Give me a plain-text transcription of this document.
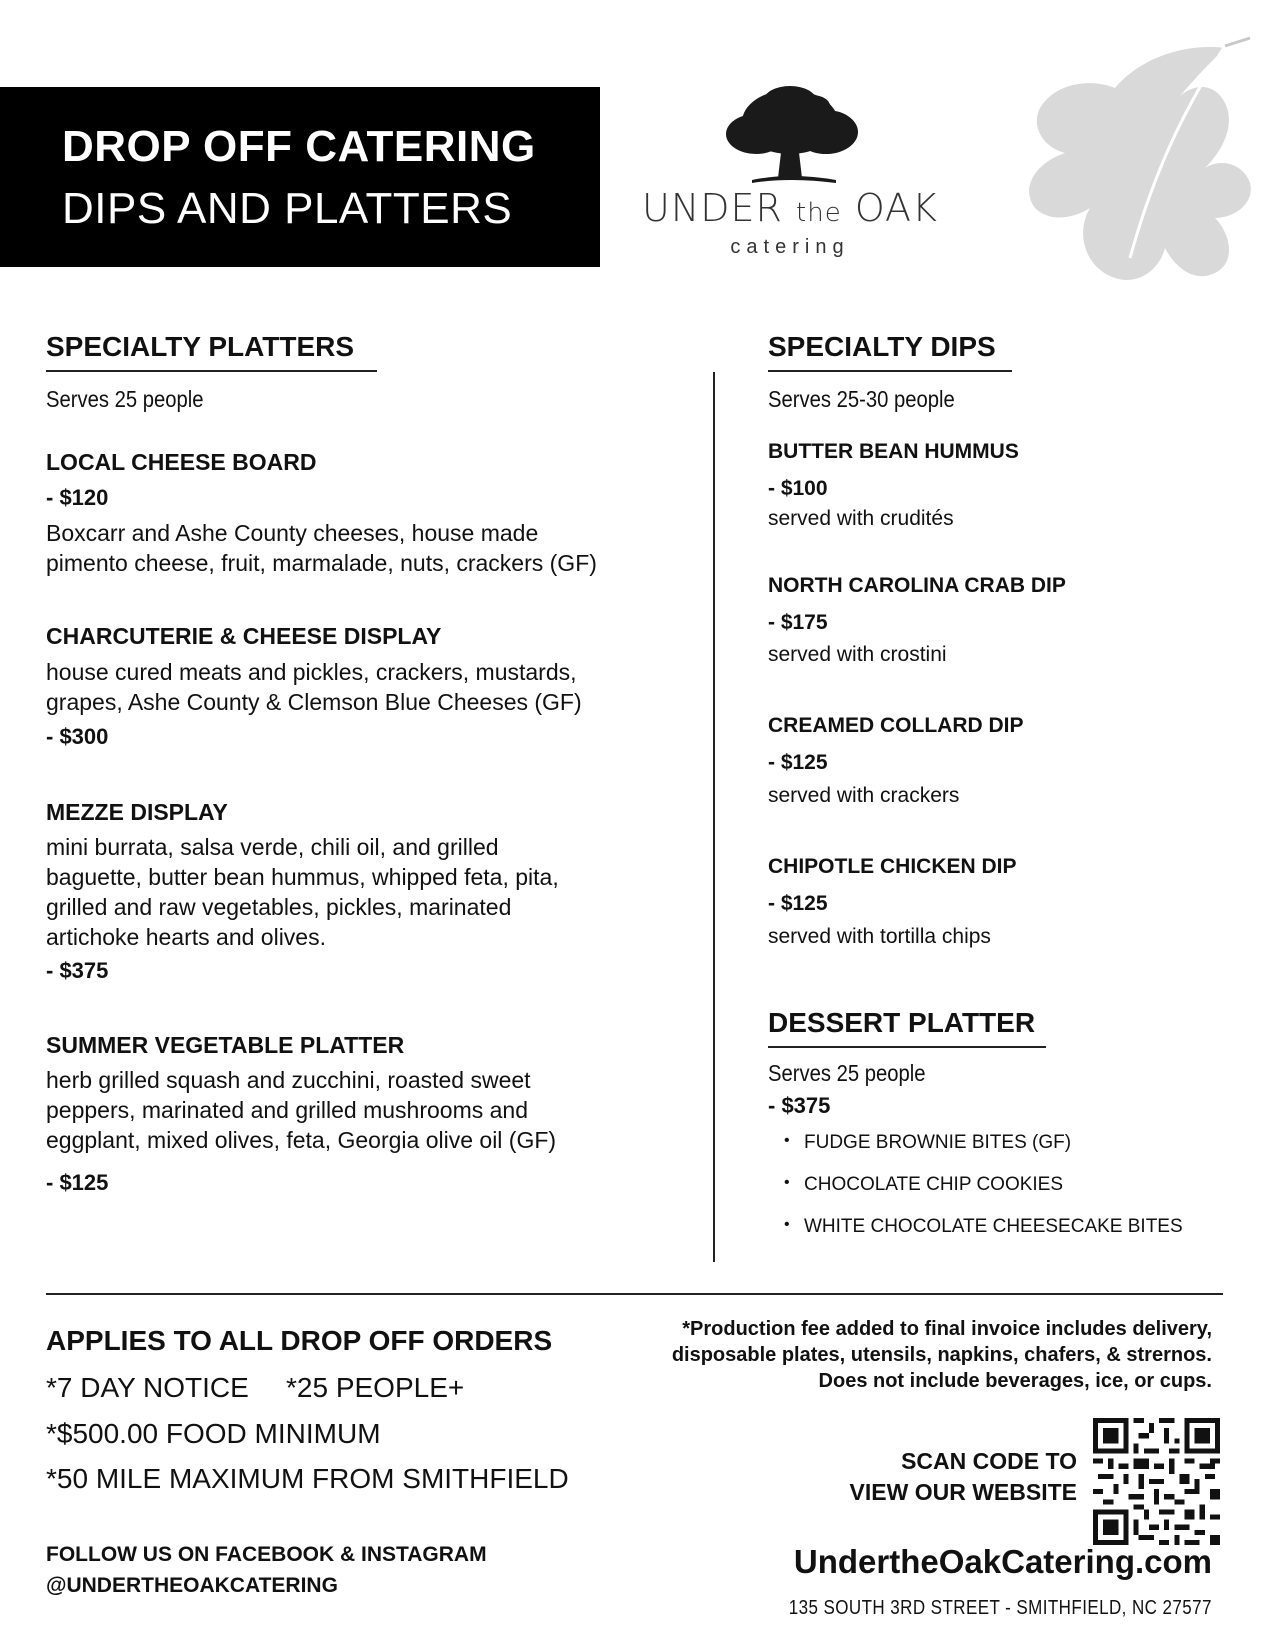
DROP OFF CATERING
DIPS AND PLATTERS	UNDER the OAK
catering
SPECIALTY PLATTERS
Serves 25 people
LOCAL CHEESE BOARD
- $120
Boxcarr and Ashe County cheeses, house made
pimento cheese, fruit, marmalade, nuts, crackers (GF)
CHARCUTERIE & CHEESE DISPLAY
house cured meats and pickles, crackers, mustards,
grapes, Ashe County & Clemson Blue Cheeses (GF)
- $300
MEZZE DISPLAY
mini burrata, salsa verde, chili oil, and grilled
baguette, butter bean hummus, whipped feta, pita,
grilled and raw vegetables, pickles, marinated
artichoke hearts and olives.
- $375
SUMMER VEGETABLE PLATTER
herb grilled squash and zucchini, roasted sweet
peppers, marinated and grilled mushrooms and
eggplant, mixed olives, feta, Georgia olive oil (GF)
- $125
SPECIALTY DIPS
Serves 25-30 people
BUTTER BEAN HUMMUS
- $100
served with crudités
NORTH CAROLINA CRAB DIP
- $175
served with crostini
CREAMED COLLARD DIP
- $125
served with crackers
CHIPOTLE CHICKEN DIP
- $125
served with tortilla chips
DESSERT PLATTER
Serves 25 people
- $375
• FUDGE BROWNIE BITES (GF)
• CHOCOLATE CHIP COOKIES
• WHITE CHOCOLATE CHEESECAKE BITES
APPLIES TO ALL DROP OFF ORDERS
*7 DAY NOTICE *25 PEOPLE+
*$500.00 FOOD MINIMUM
*50 MILE MAXIMUM FROM SMITHFIELD
FOLLOW US ON FACEBOOK & INSTAGRAM
@UNDERTHEOAKCATERING
*Production fee added to final invoice includes delivery,
disposable plates, utensils, napkins, chafers, & strernos.
Does not include beverages, ice, or cups.
SCAN CODE TO
VIEW OUR WEBSITE
UndertheOakCatering.com
135 SOUTH 3RD STREET - SMITHFIELD, NC 27577
